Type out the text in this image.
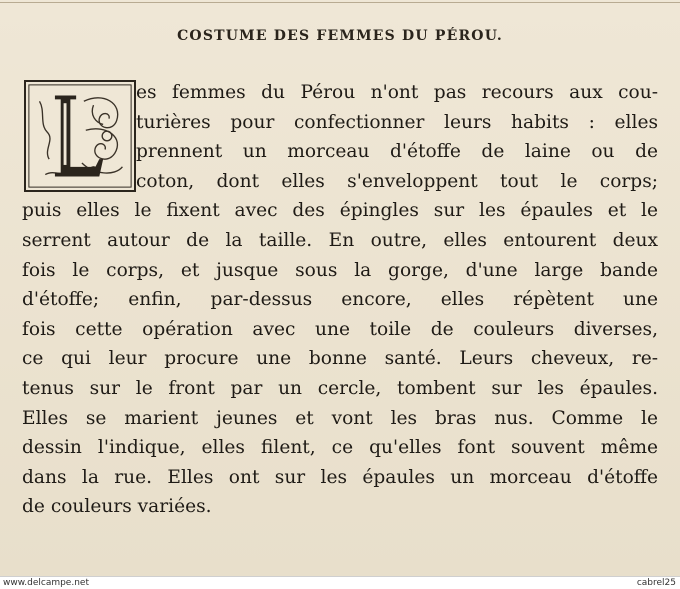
COSTUME DES FEMMES DU PÉROU.
es femmes du Pérou n'ont pas recours aux cou-
turières pour confectionner leurs habits : elles
prennent un morceau d'étoffe de laine ou de
coton, dont elles s'enveloppent tout le corps;
puis elles le fixent avec des épingles sur les épaules et le
serrent autour de la taille. En outre, elles entourent deux
fois le corps, et jusque sous la gorge, d'une large bande
d'étoffe; enfin, par-dessus encore, elles répètent une
fois cette opération avec une toile de couleurs diverses,
ce qui leur procure une bonne santé. Leurs cheveux, re-
tenus sur le front par un cercle, tombent sur les épaules.
Elles se marient jeunes et vont les bras nus. Comme le
dessin l'indique, elles filent, ce qu'elles font souvent même
dans la rue. Elles ont sur les épaules un morceau d'étoffe
de couleurs variées.
www.delcampe.net	cabrel25
